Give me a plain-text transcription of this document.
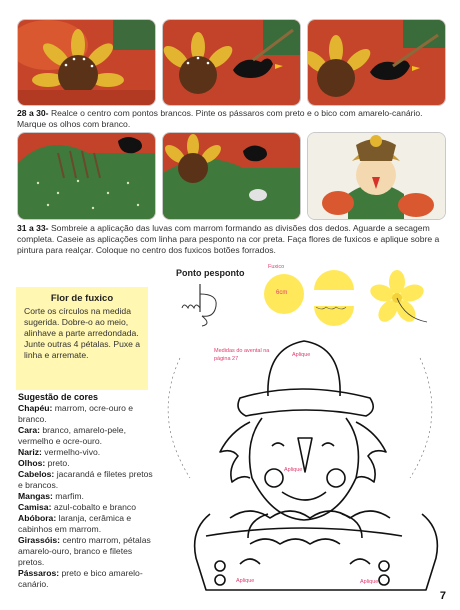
28 a 30- Realce o centro com pontos brancos. Pinte os pássaros com preto e o bico com amarelo-canário. Marque os olhos com branco.
31 a 33- Sombreie a aplicação das luvas com marrom formando as divisões dos dedos. Aguarde a secagem completa. Caseie as aplicações com linha para pesponto na cor preta. Faça flores de fuxicos e aplique sobre a pintura para realçar. Coloque no centro dos fuxicos botões forrados.
Ponto pesponto
Fuxico
6cm
Flor de fuxico
Corte os círculos na medida sugerida. Dobre-o ao meio, alinhave a parte arredondada. Junte outras 4 pétalas. Puxe a linha e arremate.	Medidas do avental na página 27
Aplique
Aplique
Aplique	Aplique
Sugestão de cores
Chapéu: marrom, ocre-ouro e branco.
Cara: branco, amarelo-pele, vermelho e ocre-ouro.
Nariz: vermelho-vivo.
Olhos: preto.
Cabelos: jacarandá e filetes pretos e brancos.
Mangas: marfim.
Camisa: azul-cobalto e branco
Abóbora: laranja, cerâmica e cabinhos em marrom.
Girassóis: centro marrom, pétalas amarelo-ouro, branco e filetes pretos.
Pássaros: preto e bico amarelo-canário.
7
